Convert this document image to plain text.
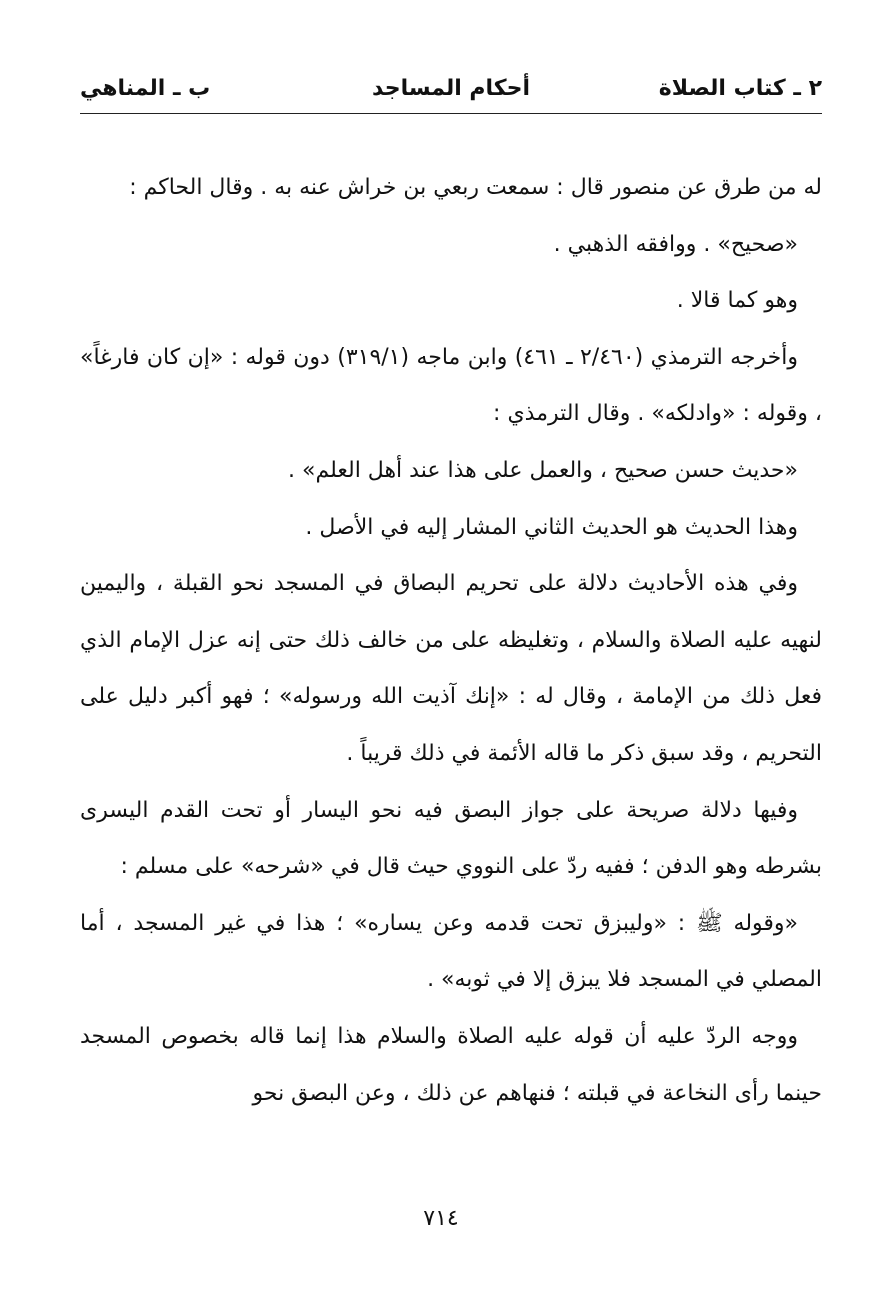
٢ ـ كتاب الصلاة
أحكام المساجد
ب ـ المناهي

له من طرق عن منصور قال : سمعت ربعي بن خراش عنه به . وقال الحاكم :

«صحيح» . ووافقه الذهبي .

وهو كما قالا .

وأخرجه الترمذي (٢/٤٦٠ ـ ٤٦١) وابن ماجه (٣١٩/١) دون قوله : «إن كان فارغاً» ، وقوله : «وادلكه» . وقال الترمذي :

«حديث حسن صحيح ، والعمل على هذا عند أهل العلم» .

وهذا الحديث هو الحديث الثاني المشار إليه في الأصل .

وفي هذه الأحاديث دلالة على تحريم البصاق في المسجد نحو القبلة ، واليمين لنهيه عليه الصلاة والسلام ، وتغليظه على من خالف ذلك حتى إنه عزل الإمام الذي فعل ذلك من الإمامة ، وقال له : «إنك آذيت الله ورسوله» ؛ فهو أكبر دليل على التحريم ، وقد سبق ذكر ما قاله الأئمة في ذلك قريباً .

وفيها دلالة صريحة على جواز البصق فيه نحو اليسار أو تحت القدم اليسرى بشرطه وهو الدفن ؛ ففيه ردّ على النووي حيث قال في «شرحه» على مسلم :

«وقوله ﷺ : «وليبزق تحت قدمه وعن يساره» ؛ هذا في غير المسجد ، أما المصلي في المسجد فلا يبزق إلا في ثوبه» .

ووجه الردّ عليه أن قوله عليه الصلاة والسلام هذا إنما قاله بخصوص المسجد حينما رأى النخاعة في قبلته ؛ فنهاهم عن ذلك ، وعن البصق نحو

٧١٤
